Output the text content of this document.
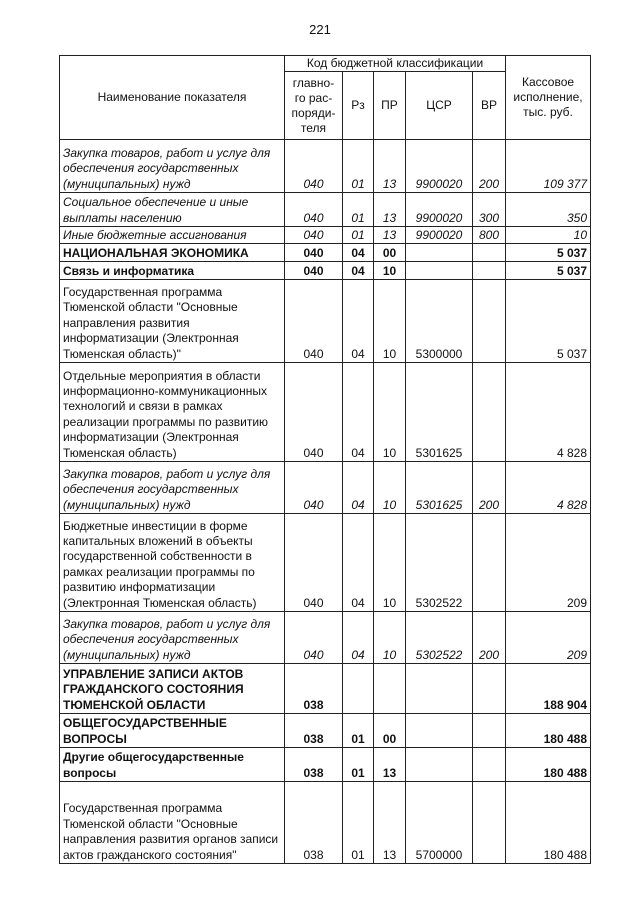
221
Наименование показателя	Код бюджетной классификации					Кассовое исполнение, тыс. руб.
	главно-го рас-поряди-теля	Рз	ПР	ЦСР	ВР	
Закупка товаров, работ и услуг для обеспечения государственных (муниципальных) нужд	040	01	13	9900020	200	109 377
Социальное обеспечение и иные выплаты населению	040	01	13	9900020	300	350
Иные бюджетные ассигнования	040	01	13	9900020	800	10
НАЦИОНАЛЬНАЯ ЭКОНОМИКА	040	04	00			5 037
Связь и информатика	040	04	10			5 037
Государственная программа Тюменской области "Основные направления развития информатизации (Электронная Тюменская область)"	040	04	10	5300000		5 037
Отдельные мероприятия в области информационно-коммуникационных технологий и связи в рамках реализации программы по развитию информатизации (Электронная Тюменская область)	040	04	10	5301625		4 828
Закупка товаров, работ и услуг для обеспечения государственных (муниципальных) нужд	040	04	10	5301625	200	4 828
Бюджетные инвестиции в форме капитальных вложений в объекты государственной собственности в рамках реализации программы по развитию информатизации (Электронная Тюменская область)	040	04	10	5302522		209
Закупка товаров, работ и услуг для обеспечения государственных (муниципальных) нужд	040	04	10	5302522	200	209
УПРАВЛЕНИЕ ЗАПИСИ АКТОВ ГРАЖДАНСКОГО СОСТОЯНИЯ ТЮМЕНСКОЙ ОБЛАСТИ	038					188 904
ОБЩЕГОСУДАРСТВЕННЫЕ ВОПРОСЫ	038	01	00			180 488
Другие общегосударственные вопросы	038	01	13			180 488
Государственная программа Тюменской области "Основные направления развития органов записи актов гражданского состояния"	038	01	13	5700000		180 488
